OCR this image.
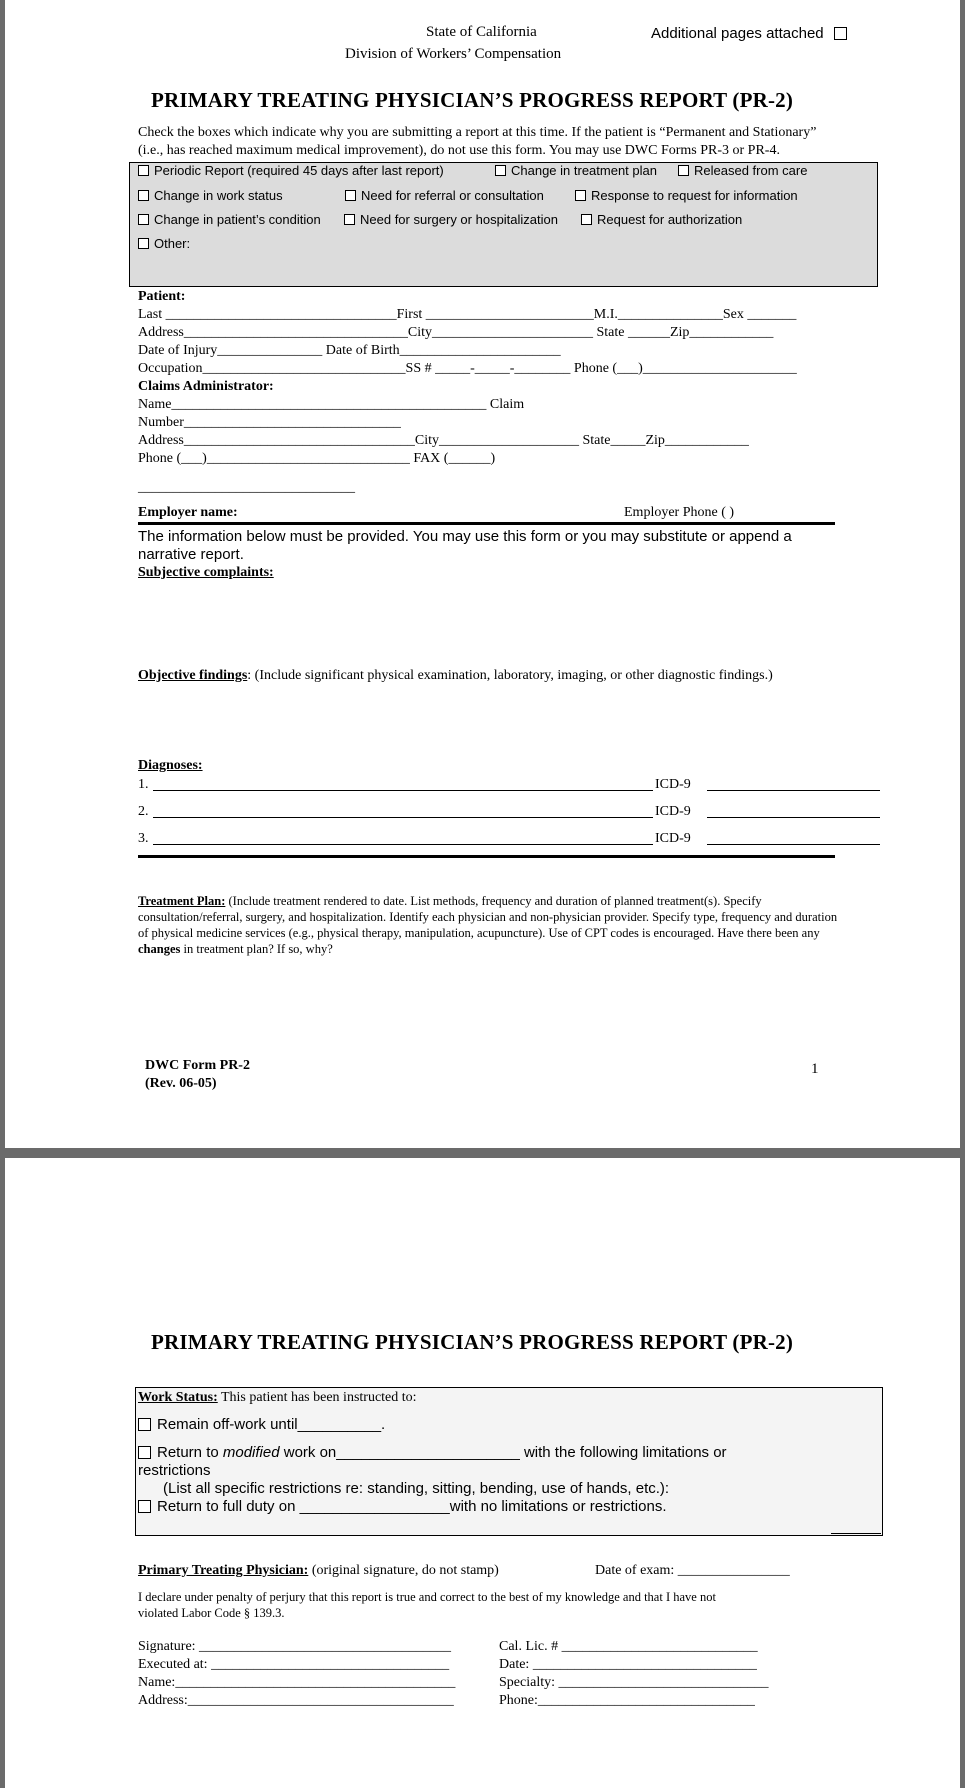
State of California
Division of Workers’ Compensation
Additional pages attached
PRIMARY TREATING PHYSICIAN’S PROGRESS REPORT (PR-2)
Check the boxes which indicate why you are submitting a report at this time. If the patient is “Permanent and Stationary”
(i.e., has reached maximum medical improvement), do not use this form. You may use DWC Forms PR-3 or PR-4.
Periodic Report (required 45 days after last report)	Change in treatment plan	Released from care
Change in work status	Need for referral or consultation	Response to request for information
Change in patient’s condition	Need for surgery or hospitalization	Request for authorization
Other:
Patient:
Last _________________________________First ________________________M.I._______________Sex _______
Address________________________________City_______________________ State ______Zip____________
Date of Injury_______________ Date of Birth_______________________
Occupation_____________________________SS # _____-_____-________ Phone (___)______________________
Claims Administrator:
Name_____________________________________________ Claim
Number_______________________________
Address_________________________________City____________________ State_____Zip____________
Phone (___)_____________________________ FAX (______)
_______________________________
Employer name:	Employer Phone ( )
The information below must be provided. You may use this form or you may substitute or append a
narrative report.
Subjective complaints:
Objective findings: (Include significant physical examination, laboratory, imaging, or other diagnostic findings.)
Diagnoses:
1.	ICD-9
2.	ICD-9
3.	ICD-9
Treatment Plan: (Include treatment rendered to date. List methods, frequency and duration of planned treatment(s). Specify consultation/referral, surgery, and hospitalization. Identify each physician and non-physician provider. Specify type, frequency and duration of physical medicine services (e.g., physical therapy, manipulation, acupuncture). Use of CPT codes is encouraged. Have there been any changes in treatment plan? If so, why?
DWC Form PR-2
(Rev. 06-05)
1
PRIMARY TREATING PHYSICIAN’S PROGRESS REPORT (PR-2)
Work Status: This patient has been instructed to:
Remain off-work until__________.
Return to modified work on______________________ with the following limitations or
restrictions
(List all specific restrictions re: standing, sitting, bending, use of hands, etc.):
Return to full duty on __________________with no limitations or restrictions.
Primary Treating Physician: (original signature, do not stamp)	Date of exam: ________________
I declare under penalty of perjury that this report is true and correct to the best of my knowledge and that I have not
violated Labor Code § 139.3.
Signature: ____________________________________	Cal. Lic. # ____________________________
Executed at: __________________________________	Date: ________________________________
Name:________________________________________	Specialty: ______________________________
Address:______________________________________	Phone:_______________________________
